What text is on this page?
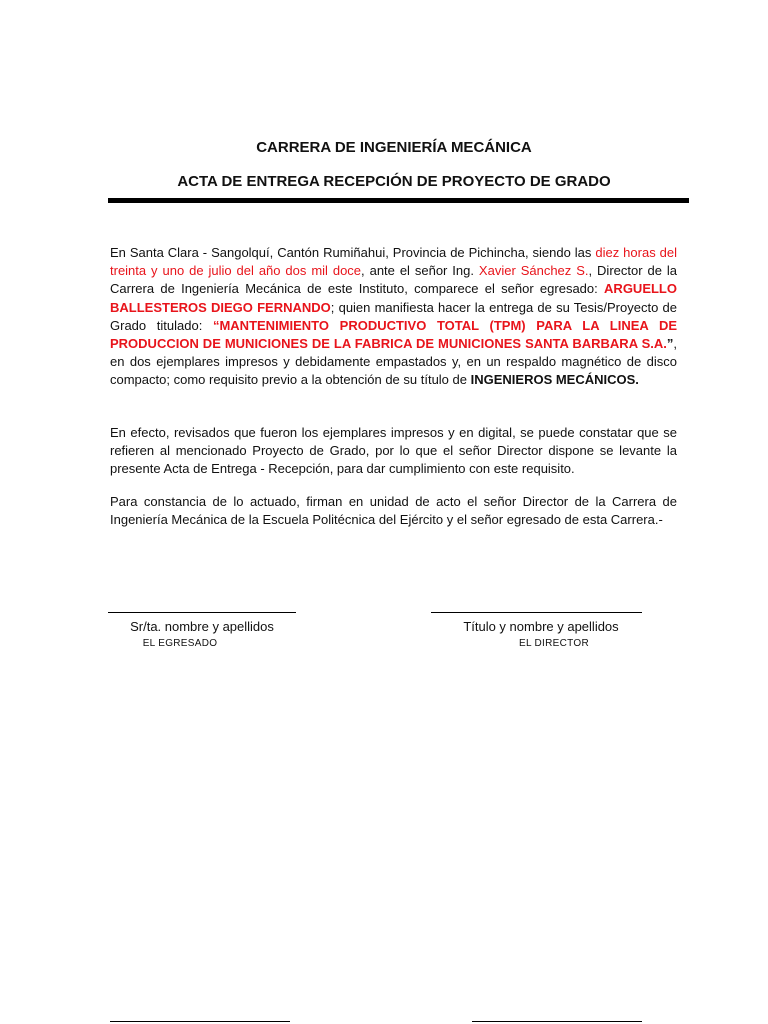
CARRERA DE INGENIERÍA MECÁNICA
ACTA DE ENTREGA RECEPCIÓN DE PROYECTO DE GRADO

En Santa Clara - Sangolquí, Cantón Rumiñahui, Provincia de Pichincha, siendo las diez horas del treinta y uno de julio del año dos mil doce, ante el señor Ing. Xavier Sánchez S., Director de la Carrera de Ingeniería Mecánica de este Instituto, comparece el señor egresado: ARGUELLO BALLESTEROS DIEGO FERNANDO; quien manifiesta hacer la entrega de su Tesis/Proyecto de Grado titulado: “MANTENIMIENTO PRODUCTIVO TOTAL (TPM) PARA LA LINEA DE PRODUCCION DE MUNICIONES DE LA FABRICA DE MUNICIONES SANTA BARBARA S.A.”, en dos ejemplares impresos y debidamente empastados y, en un respaldo magnético de disco compacto; como requisito previo a la obtención de su título de INGENIEROS MECÁNICOS.

En efecto, revisados que fueron los ejemplares impresos y en digital, se puede constatar que se refieren al mencionado Proyecto de Grado, por lo que el señor Director dispone se levante la presente Acta de Entrega - Recepción, para dar cumplimiento con este requisito.

Para constancia de lo actuado, firman en unidad de acto el señor Director de la Carrera de Ingeniería Mecánica de la Escuela Politécnica del Ejército y el señor egresado de esta Carrera.-

Sr/ta. nombre y apellidos
EL EGRESADO
Título y nombre y apellidos
EL DIRECTOR
